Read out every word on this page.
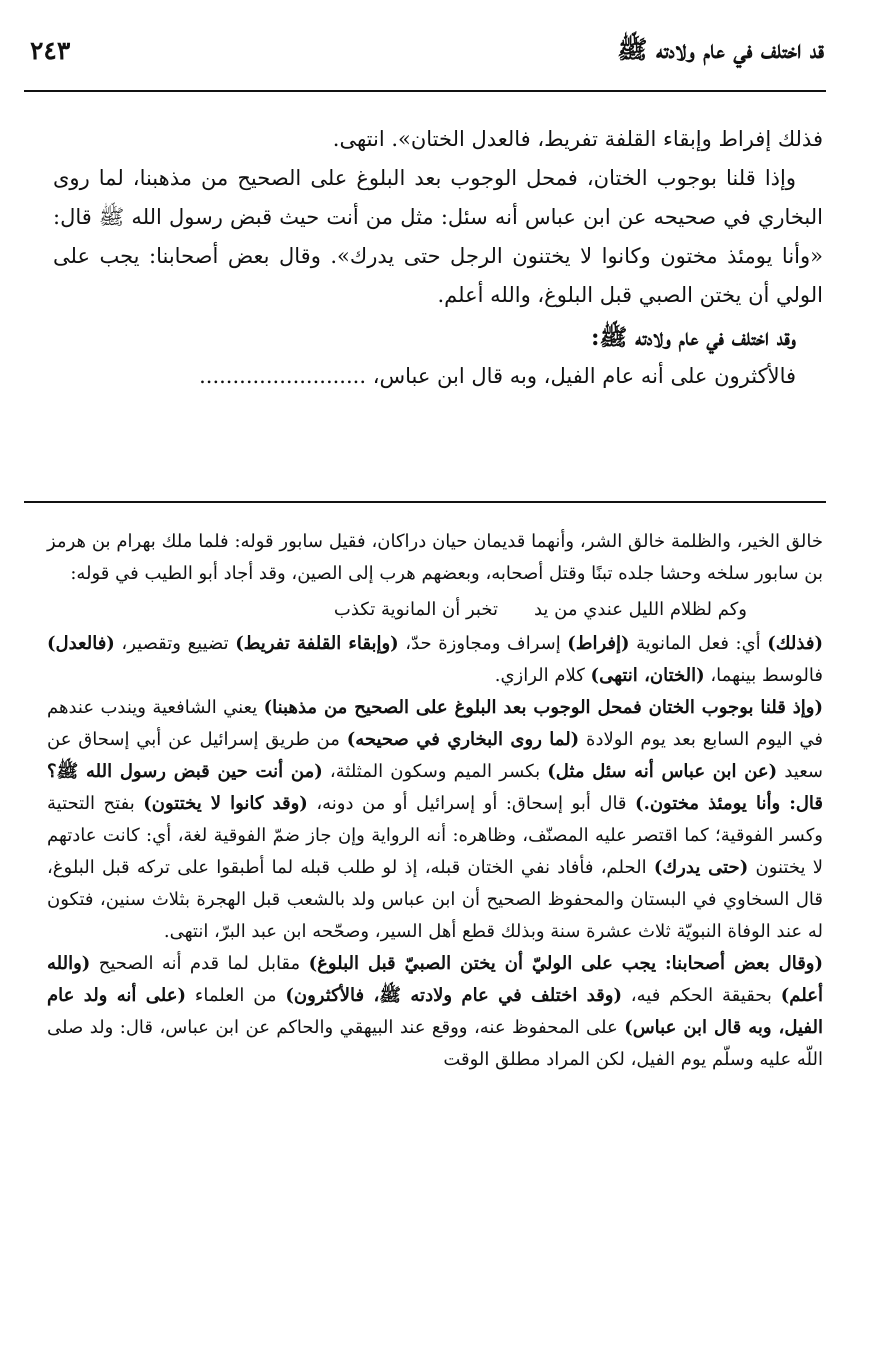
قد اختلف في عام ولادته ﷺ
٢٤٣

فذلك إفراط وإبقاء القلفة تفريط، فالعدل الختان». انتهى.

وإذا قلنا بوجوب الختان، فمحل الوجوب بعد البلوغ على الصحيح من مذهبنا، لما روى البخاري في صحيحه عن ابن عباس أنه سئل: مثل من أنت حيث قبض رسول الله ﷺ قال: «وأنا يومئذ مختون وكانوا لا يختنون الرجل حتى يدرك». وقال بعض أصحابنا: يجب على الولي أن يختن الصبي قبل البلوغ، والله أعلم.

وقد اختلف في عام ولادته ﷺ:

فالأكثرون على أنه عام الفيل، وبه قال ابن عباس، .........................

خالق الخير، والظلمة خالق الشر، وأنهما قديمان حيان دراكان، فقيل سابور قوله: فلما ملك بهرام بن هرمز بن سابور سلخه وحشا جلده تبنًا وقتل أصحابه، وبعضهم هرب إلى الصين، وقد أجاد أبو الطيب في قوله:

وكم لظلام الليل عندي من يدتخبر أن المانوية تكذب

(فذلك) أي: فعل المانوية (إفراط) إسراف ومجاوزة حدّ، (وإبقاء القلفة تفريط) تضييع وتقصير، (فالعدل) فالوسط بينهما، (الختان، انتهى) كلام الرازي.

(وإذ قلنا بوجوب الختان فمحل الوجوب بعد البلوغ على الصحيح من مذهبنا) يعني الشافعية ويندب عندهم في اليوم السابع بعد يوم الولادة (لما روى البخاري في صحيحه) من طريق إسرائيل عن أبي إسحاق عن سعيد (عن ابن عباس أنه سئل مثل) بكسر الميم وسكون المثلثة، (من أنت حين قبض رسول الله ﷺ؟ قال: وأنا يومئذ مختون.) قال أبو إسحاق: أو إسرائيل أو من دونه، (وقد كانوا لا يختتون) بفتح التحتية وكسر الفوقية؛ كما اقتصر عليه المصنّف، وظاهره: أنه الرواية وإن جاز ضمّ الفوقية لغة، أي: كانت عادتهم لا يختنون (حتى يدرك) الحلم، فأفاد نفي الختان قبله، إذ لو طلب قبله لما أطبقوا على تركه قبل البلوغ، قال السخاوي في البستان والمحفوظ الصحيح أن ابن عباس ولد بالشعب قبل الهجرة بثلاث سنين، فتكون له عند الوفاة النبويّة ثلاث عشرة سنة وبذلك قطع أهل السير، وصحّحه ابن عبد البرّ، انتهى.

(وقال بعض أصحابنا: يجب على الوليّ أن يختن الصبيّ قبل البلوغ) مقابل لما قدم أنه الصحيح (والله أعلم) بحقيقة الحكم فيه، (وقد اختلف في عام ولادته ﷺ، فالأكثرون) من العلماء (على أنه ولد عام الفيل، وبه قال ابن عباس) على المحفوظ عنه، ووقع عند البيهقي والحاكم عن ابن عباس، قال: ولد صلى اللّه عليه وسلّم يوم الفيل، لكن المراد مطلق الوقت
